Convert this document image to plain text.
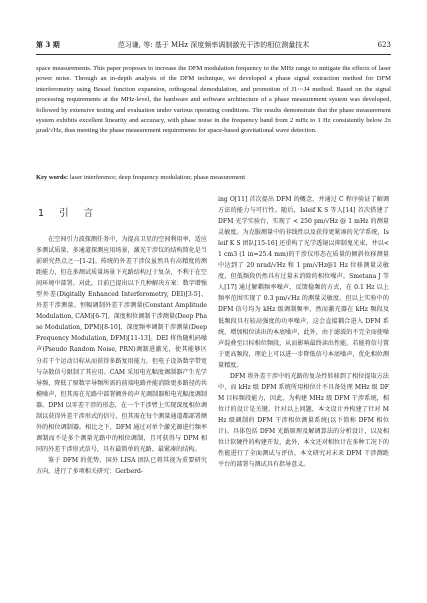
第 3 期	范习谦, 等: 基于 MHz 深度频率调制激光干涉的相位测量技术	623

space measurements. This paper proposes to increase the DFM modulation frequency to the MHz range to mitigate the effects of laser power noise. Through an in-depth analysis of the DFM technique, we developed a phase signal extraction method for DFM interferometry using Bessel function expansion, orthogonal demodulation, and promotion of J1⋯J4 method. Based on the signal processing requirements at the MHz-level, the hardware and software architecture of a phase measurement system was developed, followed by extensive testing and evaluation under various operating conditions. The results demonstrate that the phase measurement system exhibits excellent linearity and accuracy, with phase noise in the frequency band from 2 mHz to 1 Hz consistently below 2π µrad/√Hz, thus meeting the phase measurement requirements for space-based gravitational wave detection.

Key words: laser interference; deep frequency modulation; phase measurement

1 引 言

在空间引力波探测任务中，为提高卫星的空间利用率，适应多测试质量、多通道探测应用场景，激光干涉仪的结构简化是当前研究热点之一[1-2]。传统的外差干涉仪虽然具有高精度的测距能力，但在多测试质量场景下光路结构过于复杂，不利于在空间环境中部署。对此，目前已提出以下几种解决方案：数字增强型外差(Digitally Enhanced Interferometry, DEI)[3-5]、外差干涉测量、恒幅调制外差干涉测量(Constant Amplitude Modulation, CAM)[6-7]、深度相位调制干涉测量(Deep Phase Modulation, DPM)[8-10]、深度频率调制干涉测量(Deep Frequency Modulation, DFM)[11-13]。DEI 将伪随机码噪声(Pseudo Random Noise, PRN)调制进激光，使其能够区分若干个运动目标从而获得多路复用能力，但电子设备数字带宽与杂散信号限制了其应用。CAM 采用电光幅度调制器产生光学导频，降低了原数字导频所需的前端电路并能消除更多路径的共模噪声，但其需在光路中部署额外的声光调制器和电光幅度调制器。DPM 以零差干涉的形态，在一个干涉臂上实现深度相位调制以获得外差干涉形式的信号，但其需在每个测量通道都部署额外的相位调制器。相比之下，DFM 通过对单个激光源进行频率调制而不是多个测量光路中的相位调制，且可获得与 DPM 相同的外差干涉形式信号，具有最简单的光路、最紧凑的结构。

鉴于 DFM 的优势，国外 LISA 团队已将其视为重要研究方向，进行了多项相关研究：Gerberd-

ing O[11] 首次提出 DFM 的概念，并通过 C 程序验证了解调方法的能力与可行性。随后，Isleif K S 等人[14] 首次搭建了 DFM 光学实验台，实现了 < 250 pm/√Hz @ 1 mHz 的测量灵敏度。为克服测量中的非线性以及获得更紧凑的光学系统，Isleif K S 团队[15-16] 还重构了光学透镜以抑制鬼光束，并以<1 cm3 (1 in=25.4 mm)的干涉仪形态在质量的倾斜位移测量中达到了 20 nrad/√Hz 和 1 pm/√Hz@1 Hz 位移测量灵敏度，但低频段仍然具有过量未消除的相位噪声。Smetana J 等人[17] 通过解耦频率噪声、反馈稳频的方式，在 0.1 Hz 以上频率范围实现了 0.3 pm/√Hz 的测量灵敏度。但以上实验中的 DFM 信号均为 kHz 级调制频率，然而激光器在 kHz 频段及低频段具有较高强度的功率噪声，这会直接耦合进入 DFM 系统，增加相位读出的本底噪声，此外，由于滤波的不完全而使噪声混叠至目标相位频段，从而影响最终读出性能。若能将信号置于更高频段，理论上可以进一步降低信号本底噪声，优化相位测量精度。

DFM 将外差干涉中的光路的复杂性转移到了相位提取方法中，而 kHz 级 DFM 系统所用相位计不具备处理 MHz 级 DFM 目标频段能力，因此，为构建 MHz 级 DFM 干涉系统，相位计的设计是关键。针对以上问题，本文设计并构建了针对 MHz 级调制的 DFM 干涉相位测量系统(以下简称 DFM 相位计)。具体包括 DFM 光路原理及解调算法的分析设计，以及相位计软硬件的构建开发，此外，本文还对相位计在多种工况下的性能进行了全面测试与评估。本文研究对未来 DFM 干涉测距平台的部署与测试具有指导意义。
